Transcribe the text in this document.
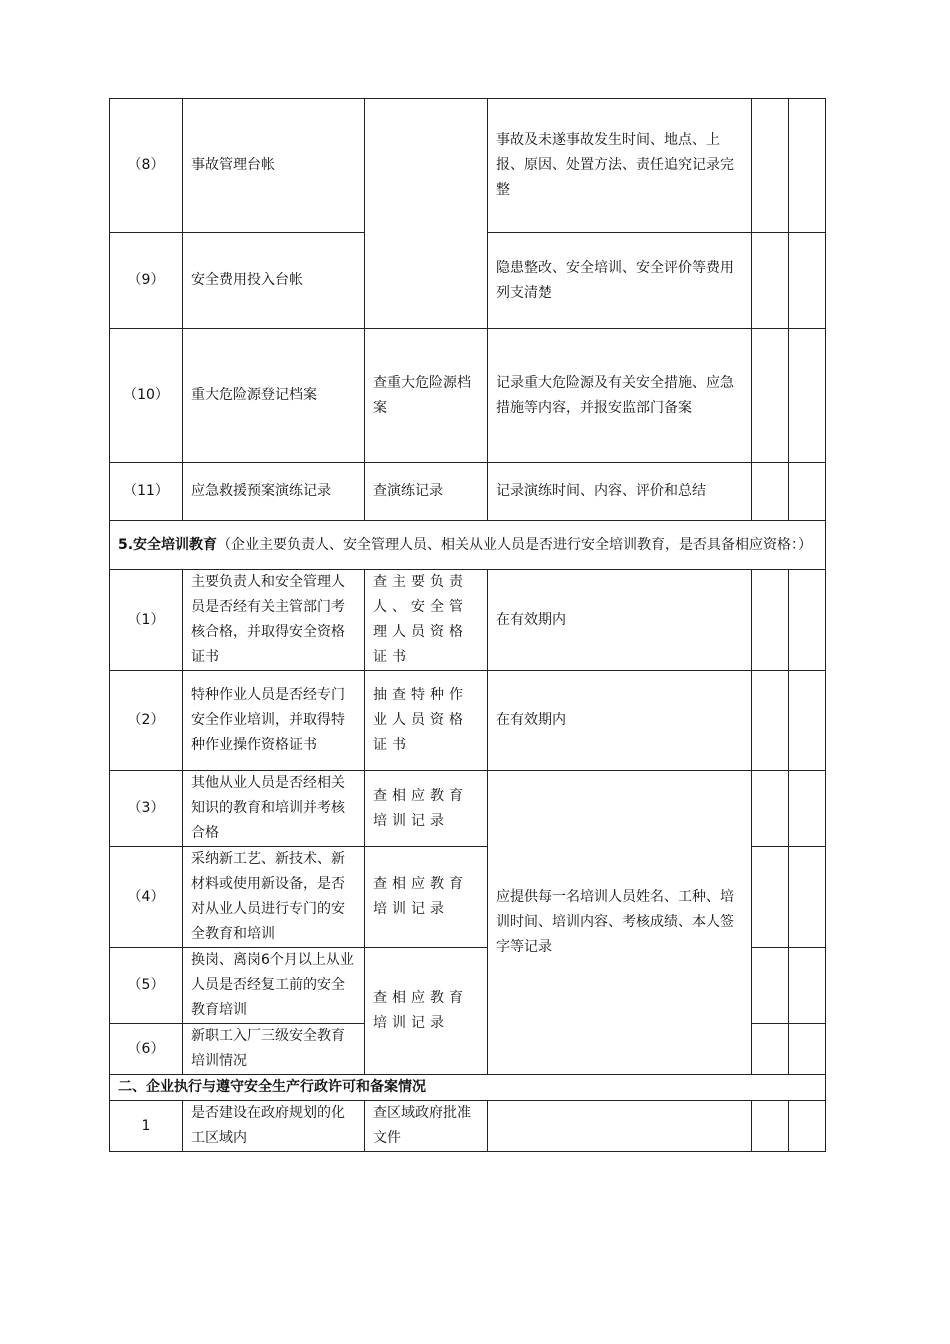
（8）	事故管理台帐		事故及未遂事故发生时间、地点、上报、原因、处置方法、责任追究记录完整		
（9）	安全费用投入台帐		隐患整改、安全培训、安全评价等费用列支清楚		
（10）	重大危险源登记档案	查重大危险源档案	记录重大危险源及有关安全措施、应急措施等内容，并报安监部门备案		
（11）	应急救援预案演练记录	查演练记录	记录演练时间、内容、评价和总结		
5.安全培训教育（企业主要负责人、安全管理人员、相关从业人员是否进行安全培训教育，是否具备相应资格：）					
（1）	主要负责人和安全管理人员是否经有关主管部门考核合格，并取得安全资格证书	查主要负责人、安全管理人员资格证书	在有效期内		
（2）	特种作业人员是否经专门安全作业培训，并取得特种作业操作资格证书	抽查特种作业人员资格证书	在有效期内		
（3）	其他从业人员是否经相关知识的教育和培训并考核合格	查相应教育培训记录	应提供每一名培训人员姓名、工种、培训时间、培训内容、考核成绩、本人签字等记录		
（4）	采纳新工艺、新技术、新材料或使用新设备，是否对从业人员进行专门的安全教育和培训	查相应教育培训记录			
（5）	换岗、离岗6个月以上从业人员是否经复工前的安全教育培训	查相应教育培训记录			
（6）	新职工入厂三级安全教育培训情况				
二、企业执行与遵守安全生产行政许可和备案情况					
1	是否建设在政府规划的化工区域内	查区域政府批准文件			
